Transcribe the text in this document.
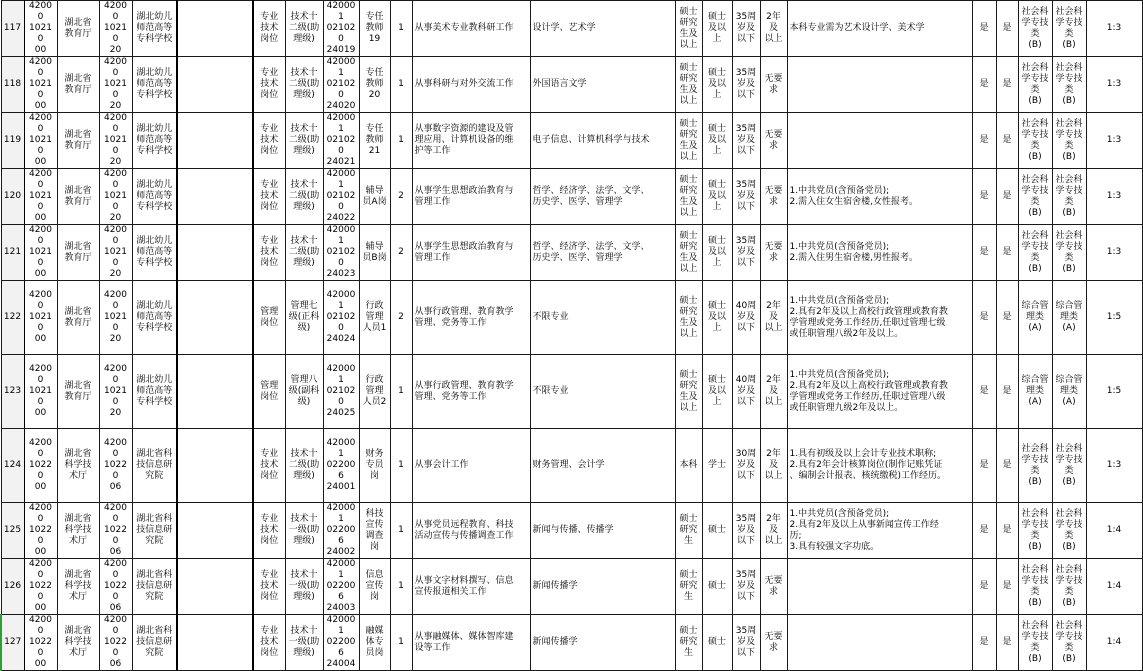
117	42000
10210
00	湖北省
教育厅	42000
10210
20	湖北幼儿
师范高等
专科学校		专业
技术
岗位	技术十
二级(助
理级)	420001
021020
24019	专任
教师
19	1	从事美术专业教科研工作	设计学、艺术学	硕士
研究
生及
以上	硕士
及以
上	35周
岁及
以下	2年及
以上	本科专业需为艺术设计学、美术学	是	是	社会科
学专技
类
(B)	社会科
学专技
类
(B)	1:3
118	42000
10210
00	湖北省
教育厅	42000
10210
20	湖北幼儿
师范高等
专科学校		专业
技术
岗位	技术十
二级(助
理级)	420001
021020
24020	专任
教师
20	1	从事科研与对外交流工作	外国语言文学	硕士
研究
生及
以上	硕士
及以
上	35周
岁及
以下	无要
求		是	是	社会科
学专技
类
(B)	社会科
学专技
类
(B)	1:3
119	42000
10210
00	湖北省
教育厅	42000
10210
20	湖北幼儿
师范高等
专科学校		专业
技术
岗位	技术十
二级(助
理级)	420001
021020
24021	专任
教师
21	1	从事数字资源的建设及管
理应用、计算机设备的维
护等工作	电子信息、计算机科学与技术	硕士
研究
生及
以上	硕士
及以
上	35周
岁及
以下	无要
求		是	是	社会科
学专技
类
(B)	社会科
学专技
类
(B)	1:3
120	42000
10210
00	湖北省
教育厅	42000
10210
20	湖北幼儿
师范高等
专科学校		专业
技术
岗位	技术十
二级(助
理级)	420001
021020
24022	辅导
员A岗	2	从事学生思想政治教育与
管理工作	哲学、经济学、法学、文学、
历史学、医学、管理学	硕士
研究
生及
以上	硕士
及以
上	35周
岁及
以下	无要
求	1.中共党员(含预备党员);
2.需入住女生宿舍楼,女性报考。	是	是	社会科
学专技
类
(B)	社会科
学专技
类
(B)	1:3
121	42000
10210
00	湖北省
教育厅	42000
10210
20	湖北幼儿
师范高等
专科学校		专业
技术
岗位	技术十
二级(助
理级)	420001
021020
24023	辅导
员B岗	2	从事学生思想政治教育与
管理工作	哲学、经济学、法学、文学、
历史学、医学、管理学	硕士
研究
生及
以上	硕士
及以
上	35周
岁及
以下	无要
求	1.中共党员(含预备党员);
2.需入住男生宿舍楼,男性报考。	是	是	社会科
学专技
类
(B)	社会科
学专技
类
(B)	1:3
122	42000
10210
00	湖北省
教育厅	42000
10210
20	湖北幼儿
师范高等
专科学校		管理
岗位	管理七
级(正科
级)	420001
021020
24024	行政
管理
人员1	2	从事行政管理、教育教学
管理、党务等工作	不限专业	硕士
研究
生及
以上	硕士
及以
上	40周
岁及
以下	2年及
以上	1.中共党员(含预备党员);
2.具有2年及以上高校行政管理或教育教
学管理或党务工作经历,任职过管理七级
或任职管理八级2年及以上。	是	是	综合管
理类
(A)	综合管
理类
(A)	1:5
123	42000
10210
00	湖北省
教育厅	42000
10210
20	湖北幼儿
师范高等
专科学校		管理
岗位	管理八
级(副科
级)	420001
021020
24025	行政
管理
人员2	1	从事行政管理、教育教学
管理、党务等工作	不限专业	硕士
研究
生及
以上	硕士
及以
上	40周
岁及
以下	2年及
以上	1.中共党员(含预备党员);
2.具有2年及以上高校行政管理或教育教
学管理或党务工作经历,任职过管理八级
或任职管理九级2年及以上。	是	是	综合管
理类
(A)	综合管
理类
(A)	1:5
124	42000
10220
00	湖北省
科学技
术厅	42000
10220
06	湖北省科
技信息研
究院		专业
技术
岗位	技术十
二级(助
理级)	420001
022006
24001	财务
专员
岗	1	从事会计工作	财务管理、会计学	本科	学士	30周
岁及
以下	2年及
以上	1.具有初级及以上会计专业技术职称;
2.具有2年会计核算岗位(制作记账凭证
、编制会计报表、核统缴税)工作经历。	是	是	社会科
学专技
类
(B)	社会科
学专技
类
(B)	1:3
125	42000
10220
00	湖北省
科学技
术厅	42000
10220
06	湖北省科
技信息研
究院		专业
技术
岗位	技术十
一级(助
理级)	420001
022006
24002	科技
宣传
调查
岗	1	从事党员远程教育、科技
活动宣传与传播调查工作	新闻与传播、传播学	硕士
研究
生	硕士	35周
岁及
以下	2年及
以上	1.中共党员(含预备党员);
2.具有2年及以上从事新闻宣传工作经
历;
3.具有较强文字功底。	是	是	社会科
学专技
类
(B)	社会科
学专技
类
(B)	1:4
126	42000
10220
00	湖北省
科学技
术厅	42000
10220
06	湖北省科
技信息研
究院		专业
技术
岗位	技术十
一级(助
理级)	420001
022006
24003	信息
宣传
岗	1	从事文字材料撰写、信息
宣传报道相关工作	新闻传播学	硕士
研究
生	硕士	35周
岁及
以下	无要
求		是	是	社会科
学专技
类
(B)	社会科
学专技
类
(B)	1:4
127	42000
10220
00	湖北省
科学技
术厅	42000
10220
06	湖北省科
技信息研
究院		专业
技术
岗位	技术十
一级(助
理级)	420001
022006
24004	融媒
体专
员岗	1	从事融媒体、媒体智库建
设等工作	新闻传播学	硕士
研究
生	硕士	35周
岁及
以下	无要
求		是	是	社会科
学专技
类
(B)	社会科
学专技
类
(B)	1:4
